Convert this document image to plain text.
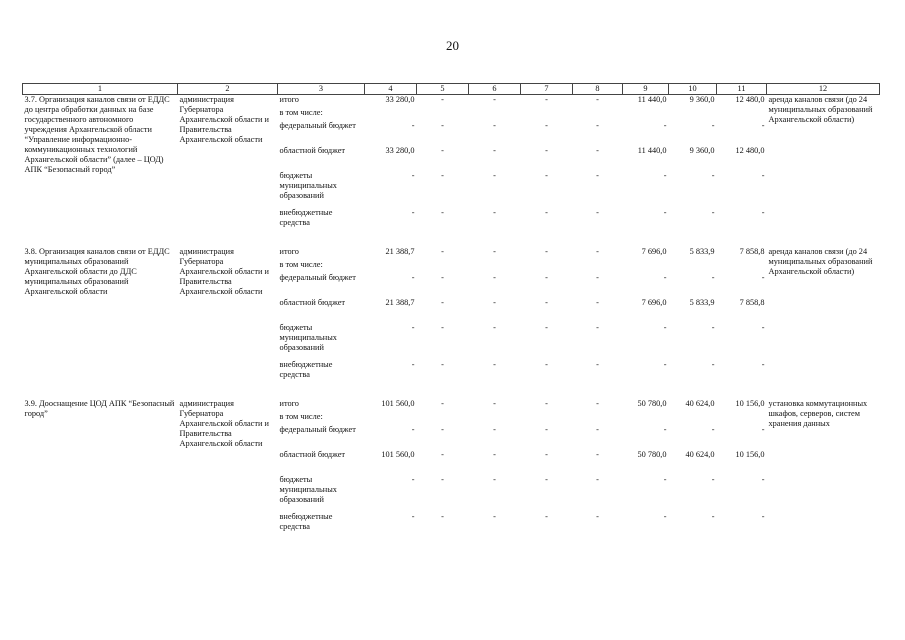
20
1	2	3	4	5	6	7	8	9	10	11	12
3.7. Организация каналов связи от ЕДДС до центра обработки данных на базе государственного автономного учреждения Архангельской области “Управление информационно-коммуникационных технологий Архангельской области” (далее – ЦОД) АПК “Безопасный город”	администрация Губернатора Архангельской области и Правительства Архангельской области	итого	33 280,0	-	-	-	-	11 440,0	9 360,0	12 480,0	аренда каналов связи (до 24 муниципальных образований Архангельской области)
		в том числе:									
		федеральный бюджет	-	-	-	-	-	-	-	-	
		областной бюджет	33 280,0	-	-	-	-	11 440,0	9 360,0	12 480,0	
		бюджеты муниципальных образований	-	-	-	-	-	-	-	-	
		внебюджетные средства	-	-	-	-	-	-	-	-	

3.8. Организация каналов связи от ЕДДС муниципальных образований Архангельской области до ДДС муниципальных образований Архангельской области	администрация Губернатора Архангельской области и Правительства Архангельской области	итого	21 388,7	-	-	-	-	7 696,0	5 833,9	7 858,8	аренда каналов связи (до 24 муниципальных образований Архангельской области)
		в том числе:									
		федеральный бюджет	-	-	-	-	-	-	-	-	
		областной бюджет	21 388,7	-	-	-	-	7 696,0	5 833,9	7 858,8	
		бюджеты муниципальных образований	-	-	-	-	-	-	-	-	
		внебюджетные средства	-	-	-	-	-	-	-	-	

3.9. Дооснащение ЦОД АПК “Безопасный город”	администрация Губернатора Архангельской области и Правительства Архангельской области	итого	101 560,0	-	-	-	-	50 780,0	40 624,0	10 156,0	установка коммутационных шкафов, серверов, систем хранения данных
		в том числе:									
		федеральный бюджет	-	-	-	-	-	-	-	-	
		областной бюджет	101 560,0	-	-	-	-	50 780,0	40 624,0	10 156,0	
		бюджеты муниципальных образований	-	-	-	-	-	-	-	-	
		внебюджетные средства	-	-	-	-	-	-	-	-	
